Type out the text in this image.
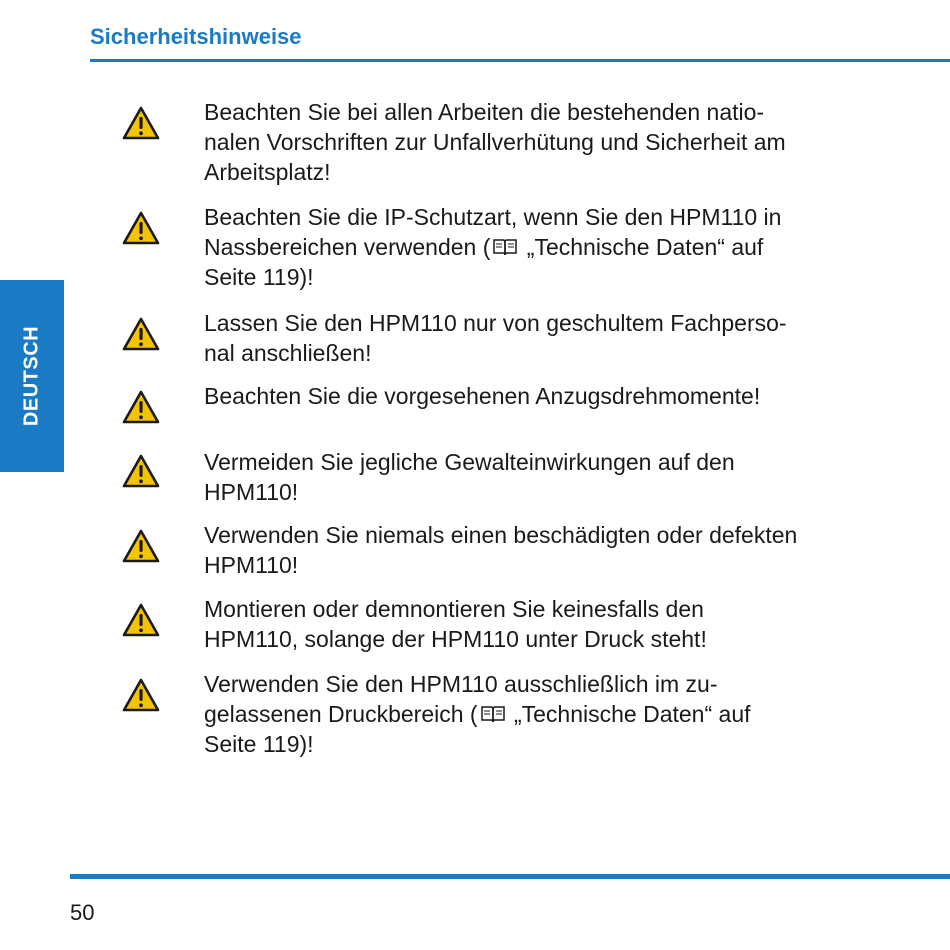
Sicherheitshinweise
DEUTSCH
Beachten Sie bei allen Arbeiten die bestehenden natio-
nalen Vorschriften zur Unfallverhütung und Sicherheit am
Arbeitsplatz!
Beachten Sie die IP-Schutzart, wenn Sie den HPM110 in
Nassbereichen verwenden ( „Technische Daten“ auf
Seite 119)!
Lassen Sie den HPM110 nur von geschultem Fachperso-
nal anschließen!
Beachten Sie die vorgesehenen Anzugsdrehmomente!
Vermeiden Sie jegliche Gewalteinwirkungen auf den
HPM110!
Verwenden Sie niemals einen beschädigten oder defekten
HPM110!
Montieren oder demnontieren Sie keinesfalls den
HPM110, solange der HPM110 unter Druck steht!
Verwenden Sie den HPM110 ausschließlich im zu-
gelassenen Druckbereich ( „Technische Daten“ auf
Seite 119)!
50
